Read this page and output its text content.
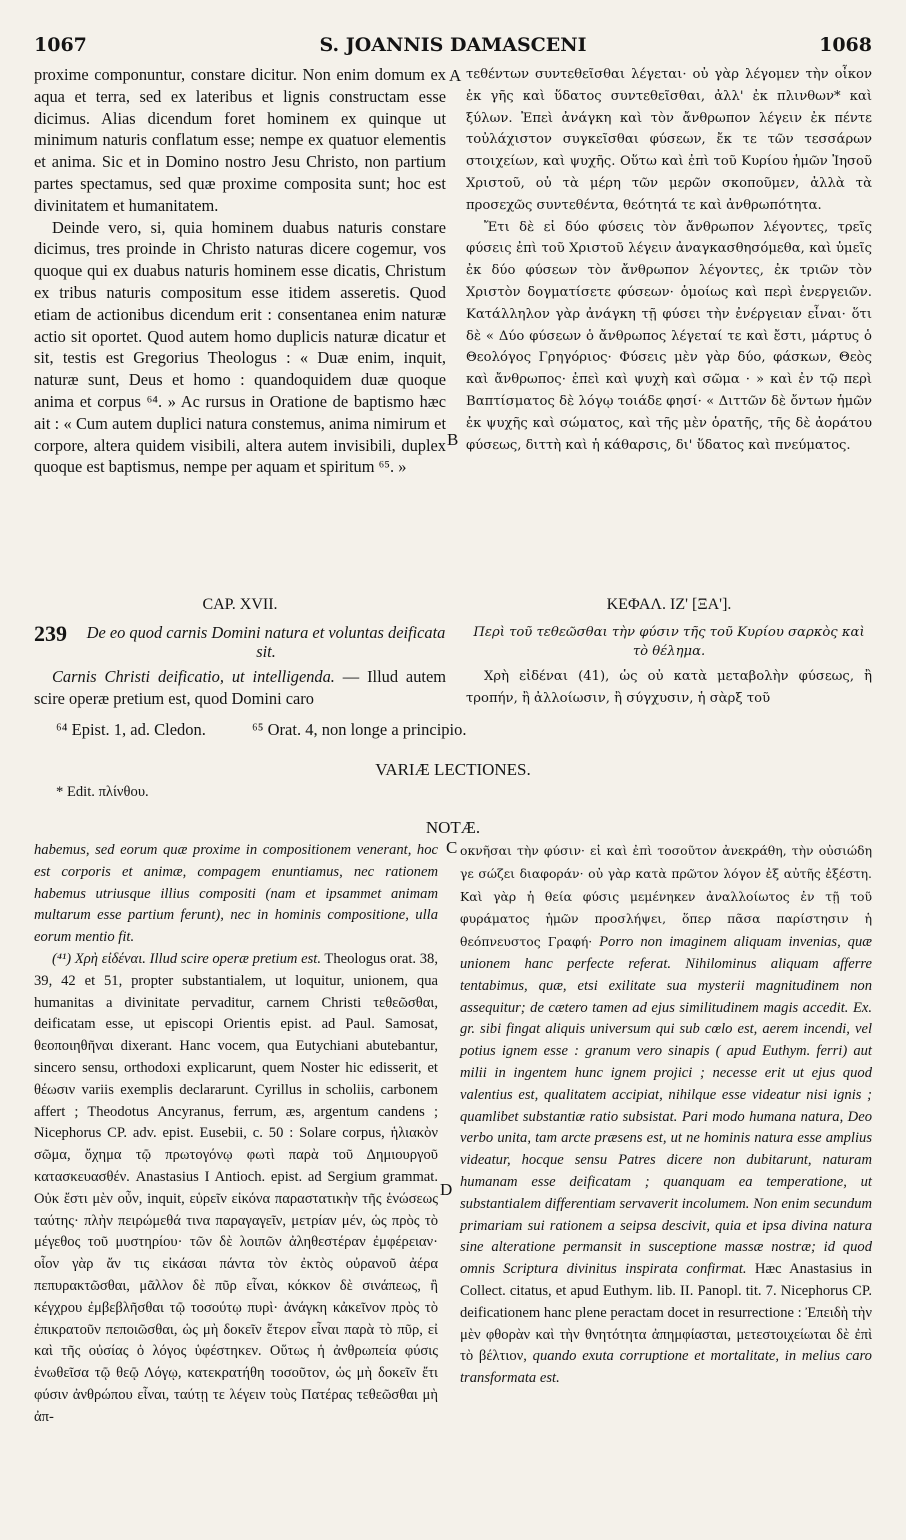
1067	S. JOANNIS DAMASCENI	1068

proxime componuntur, constare dicitur. Non enim domum ex aqua et terra, sed ex lateribus et lignis constructam esse dicimus. Alias dicendum foret hominem ex quinque ut minimum naturis conflatum esse; nempe ex quatuor elementis et anima. Sic et in Domino nostro Jesu Christo, non partium partes spectamus, sed quæ proxime composita sunt; hoc est divinitatem et humanitatem.

Deinde vero, si, quia hominem duabus naturis constare dicimus, tres proinde in Christo naturas dicere cogemur, vos quoque qui ex duabus naturis hominem esse dicatis, Christum ex tribus naturis compositum esse itidem asseretis. Quod etiam de actionibus dicendum erit : consentanea enim naturæ actio sit oportet. Quod autem homo duplicis naturæ dicatur et sit, testis est Gregorius Theologus : « Duæ enim, inquit, naturæ sunt, Deus et homo : quandoquidem duæ quoque anima et corpus ⁶⁴. » Ac rursus in Oratione de baptismo hæc ait : « Cum autem duplici natura constemus, anima nimirum et corpore, altera quidem visibili, altera autem invisibili, duplex quoque est baptismus, nempe per aquam et spiritum ⁶⁵. »

A
B

τεθέντων συντεθεῖσθαι λέγεται· οὐ γὰρ λέγομεν τὴν οἶκον ἐκ γῆς καὶ ὕδατος συντεθεῖσθαι, ἀλλ' ἐκ πλινθων* καὶ ξύλων. Ἐπεὶ ἀνάγκη καὶ τὸν ἄνθρωπον λέγειν ἐκ πέντε τοὐλάχιστον συγκεῖσθαι φύσεων, ἔκ τε τῶν τεσσάρων στοιχείων, καὶ ψυχῆς. Οὕτω καὶ ἐπὶ τοῦ Κυρίου ἡμῶν Ἰησοῦ Χριστοῦ, οὐ τὰ μέρη τῶν μερῶν σκοποῦμεν, ἀλλὰ τὰ προσεχῶς συντεθέντα, θεότητά τε καὶ ἀνθρωπότητα.

Ἔτι δὲ εἰ δύο φύσεις τὸν ἄνθρωπον λέγοντες, τρεῖς φύσεις ἐπὶ τοῦ Χριστοῦ λέγειν ἀναγκασθησόμεθα, καὶ ὑμεῖς ἐκ δύο φύσεων τὸν ἄνθρωπον λέγοντες, ἐκ τριῶν τὸν Χριστὸν δογματίσετε φύσεων· ὁμοίως καὶ περὶ ἐνεργειῶν. Κατάλληλον γὰρ ἀνάγκη τῇ φύσει τὴν ἐνέργειαν εἶναι· ὅτι δὲ « Δύο φύσεων ὁ ἄνθρωπος λέγεταί τε καὶ ἔστι, μάρτυς ὁ Θεολόγος Γρηγόριος· Φύσεις μὲν γὰρ δύο, φάσκων, Θεὸς καὶ ἄνθρωπος· ἐπεὶ καὶ ψυχὴ καὶ σῶμα · » καὶ ἐν τῷ περὶ Βαπτίσματος δὲ λόγῳ τοιάδε φησί· « Διττῶν δὲ ὄντων ἡμῶν ἐκ ψυχῆς καὶ σώματος, καὶ τῆς μὲν ὁρατῆς, τῆς δὲ ἀοράτου φύσεως, διττὴ καὶ ἡ κάθαρσις, δι' ὕδατος καὶ πνεύματος.

CAP. XVII.	ΚΕΦΑΛ. ΙΖ' [ΞΑ'].
239 De eo quod carnis Domini natura et voluntas deificata sit.

Περὶ τοῦ τεθεῶσθαι τὴν φύσιν τῆς τοῦ Κυρίου σαρκὸς καὶ τὸ θέλημα.

Carnis Christi deificatio, ut intelligenda. — Illud autem scire operæ pretium est, quod Domini caro

Χρὴ εἰδέναι (41), ὡς οὐ κατὰ μεταβολὴν φύσεως, ἢ τροπήν, ἢ ἀλλοίωσιν, ἢ σύγχυσιν, ἡ σὰρξ τοῦ

⁶⁴ Epist. 1, ad. Cledon.	⁶⁵ Orat. 4, non longe a principio.
VARIÆ LECTIONES.
* Edit. πλίνθου.
NOTÆ.
C
D

habemus, sed eorum quæ proxime in compositionem venerant, hoc est corporis et animæ, compagem enuntiamus, nec rationem habemus utriusque illius compositi (nam et ipsammet animam multarum esse partium ferunt), nec in hominis compositione, ulla eorum mentio fit.

(⁴¹) Χρὴ εἰδέναι. Illud scire operæ pretium est. Theologus orat. 38, 39, 42 et 51, propter substantialem, ut loquitur, unionem, qua humanitas a divinitate pervaditur, carnem Christi τεθεῶσθαι, deificatam esse, ut episcopi Orientis epist. ad Paul. Samosat, θεοποιηθῆναι dixerant. Hanc vocem, qua Eutychiani abutebantur, sincero sensu, orthodoxi explicarunt, quem Noster hic edisserit, et θέωσιν variis exemplis declararunt. Cyrillus in scholiis, carbonem affert ; Theodotus Ancyranus, ferrum, æs, argentum candens ; Nicephorus CP. adv. epist. Eusebii, c. 50 : Solare corpus, ἡλιακὸν σῶμα, ὄχημα τῷ πρωτογόνῳ φωτὶ παρὰ τοῦ Δημιουργοῦ κατασκευασθέν. Anastasius I Antioch. epist. ad Sergium grammat. Οὐκ ἔστι μὲν οὖν, inquit, εὑρεῖν εἰκόνα παραστατικὴν τῆς ἑνώσεως ταύτης· πλὴν πειρώμεθά τινα παραγαγεῖν, μετρίαν μέν, ὡς πρὸς τὸ μέγεθος τοῦ μυστηρίου· τῶν δὲ λοιπῶν ἀληθεστέραν ἐμφέρειαν· οἷον γὰρ ἄν τις εἰκάσαι πάντα τὸν ἐκτὸς οὐρανοῦ ἀέρα πεπυρακτῶσθαι, μᾶλλον δὲ πῦρ εἶναι, κόκκον δὲ σινάπεως, ἢ κέγχρου ἐμβεβλῆσθαι τῷ τοσούτῳ πυρὶ· ἀνάγκη κἀκεῖνον πρὸς τὸ ἐπικρατοῦν πεποιῶσθαι, ὡς μὴ δοκεῖν ἕτερον εἶναι παρὰ τὸ πῦρ, εἰ καὶ τῆς οὐσίας ὁ λόγος ὑφέστηκεν. Οὕτως ἡ ἀνθρωπεία φύσις ἑνωθεῖσα τῷ θεῷ Λόγῳ, κατεκρατήθη τοσοῦτον, ὡς μὴ δοκεῖν ἔτι φύσιν ἀνθρώπου εἶναι, ταύτῃ τε λέγειν τοὺς Πατέρας τεθεῶσθαι μὴ ἀπ-

οκνῆσαι τὴν φύσιν· εἰ καὶ ἐπὶ τοσοῦτον ἀνεκράθη, τὴν οὐσιώδη γε σώζει διαφοράν· οὐ γὰρ κατὰ πρῶτον λόγον ἐξ αὐτῆς ἐξέστη. Καὶ γὰρ ἡ θεία φύσις μεμένηκεν ἀναλλοίωτος ἐν τῇ τοῦ φυράματος ἡμῶν προσλήψει, ὅπερ πᾶσα παρίστησιν ἡ θεόπνευστος Γραφή· Porro non imaginem aliquam invenias, quæ unionem hanc perfecte referat. Nihilominus aliquam afferre tentabimus, quæ, etsi exilitate sua mysterii magnitudinem non assequitur; de cætero tamen ad ejus similitudinem magis accedit. Ex. gr. sibi fingat aliquis universum qui sub cœlo est, aerem incendi, vel potius ignem esse : granum vero sinapis ( apud Euthym. ferri) aut milii in ingentem hunc ignem projici ; necesse erit ut ejus quod valentius est, qualitatem accipiat, nihilque esse videatur nisi ignis ; quamlibet substantiæ ratio subsistat. Pari modo humana natura, Deo verbo unita, tam arcte præsens est, ut ne hominis natura esse amplius videatur, hocque sensu Patres dicere non dubitarunt, naturam humanam esse deificatam ; quanquam ea temperatione, ut substantialem differentiam servaverit incolumem. Non enim secundum primariam sui rationem a seipsa descivit, quia et ipsa divina natura sine alteratione permansit in susceptione massæ nostræ; id quod omnis Scriptura divinitus inspirata confirmat. Hæc Anastasius in Collect. citatus, et apud Euthym. lib. II. Panopl. tit. 7. Nicephorus CP. deificationem hanc plene peractam docet in resurrectione : Ἐπειδὴ τὴν μὲν φθορὰν καὶ τὴν θνητότητα ἀπημφίασται, μετεστοιχείωται δὲ ἐπὶ τὸ βέλτιον, quando exuta corruptione et mortalitate, in melius caro transformata est.
